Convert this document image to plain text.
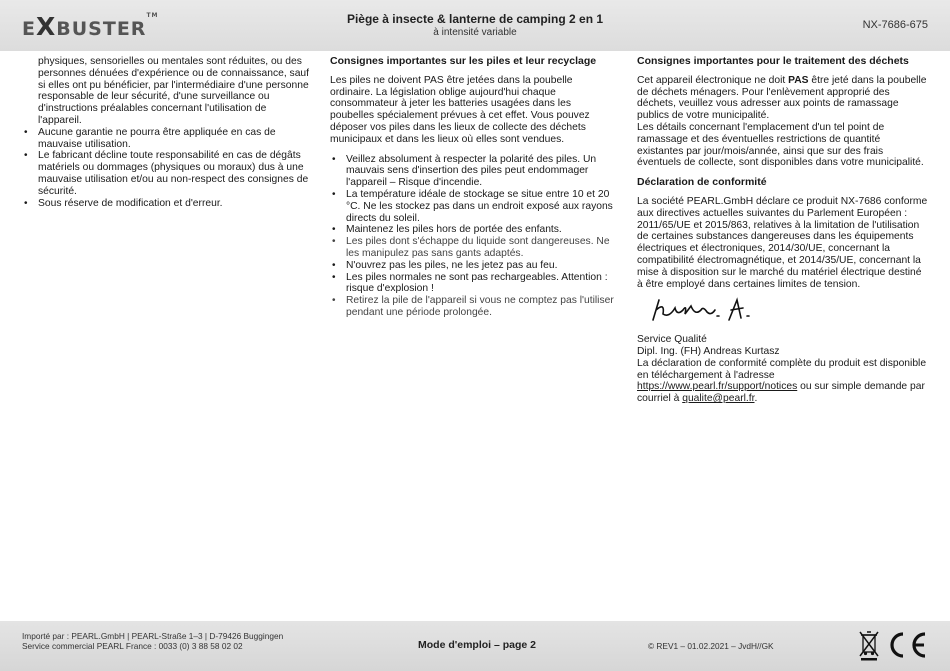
EXBUSTER™	Piège à insecte & lanterne de camping 2 en 1
à intensité variable
NX-7686-675

physiques, sensorielles ou mentales sont réduites, ou des personnes dénuées d'expérience ou de connaissance, sauf si elles ont pu bénéficier, par l'intermédiaire d'une personne responsable de leur sécurité, d'une surveillance ou d'instructions préalables concernant l'utilisation de l'appareil.

• Aucune garantie ne pourra être appliquée en cas de mauvaise utilisation.
• Le fabricant décline toute responsabilité en cas de dégâts matériels ou dommages (physiques ou moraux) dus à une mauvaise utilisation et/ou au non-respect des consignes de sécurité.
• Sous réserve de modification et d'erreur.

Consignes importantes sur les piles et leur recyclage

Les piles ne doivent PAS être jetées dans la poubelle ordinaire. La législation oblige aujourd'hui chaque consommateur à jeter les batteries usagées dans les poubelles spécialement prévues à cet effet. Vous pouvez déposer vos piles dans les lieux de collecte des déchets municipaux et dans les lieux où elles sont vendues.

• Veillez absolument à respecter la polarité des piles. Un mauvais sens d'insertion des piles peut endommager l'appareil – Risque d'incendie.
• La température idéale de stockage se situe entre 10 et 20 °C. Ne les stockez pas dans un endroit exposé aux rayons directs du soleil.
• Maintenez les piles hors de portée des enfants.
• Les piles dont s'échappe du liquide sont dangereuses. Ne les manipulez pas sans gants adaptés.
• N'ouvrez pas les piles, ne les jetez pas au feu.
• Les piles normales ne sont pas rechargeables. Attention : risque d'explosion !
• Retirez la pile de l'appareil si vous ne comptez pas l'utiliser pendant une période prolongée.

Consignes importantes pour le traitement des déchets

Cet appareil électronique ne doit PAS être jeté dans la poubelle de déchets ménagers. Pour l'enlèvement approprié des déchets, veuillez vous adresser aux points de ramassage publics de votre municipalité.

Les détails concernant l'emplacement d'un tel point de ramassage et des éventuelles restrictions de quantité existantes par jour/mois/année, ainsi que sur des frais éventuels de collecte, sont disponibles dans votre municipalité.

Déclaration de conformité

La société PEARL.GmbH déclare ce produit NX-7686 conforme aux directives actuelles suivantes du Parlement Européen : 2011/65/UE et 2015/863, relatives à la limitation de l'utilisation de certaines substances dangereuses dans les équipements électriques et électroniques, 2014/30/UE, concernant la compatibilité électromagnétique, et 2014/35/UE, concernant la mise à disposition sur le marché du matériel électrique destiné à être employé dans certaines limites de tension.

Service Qualité

Dipl. Ing. (FH) Andreas Kurtasz

La déclaration de conformité complète du produit est disponible en téléchargement à l'adresse https://www.pearl.fr/support/notices ou sur simple demande par courriel à qualite@pearl.fr.

Importé par : PEARL.GmbH | PEARL-Straße 1–3 | D-79426 Buggingen
Service commercial PEARL France : 0033 (0) 3 88 58 02 02	Mode d'emploi – page 2	© REV1 – 01.02.2021 – JvdH//GK
